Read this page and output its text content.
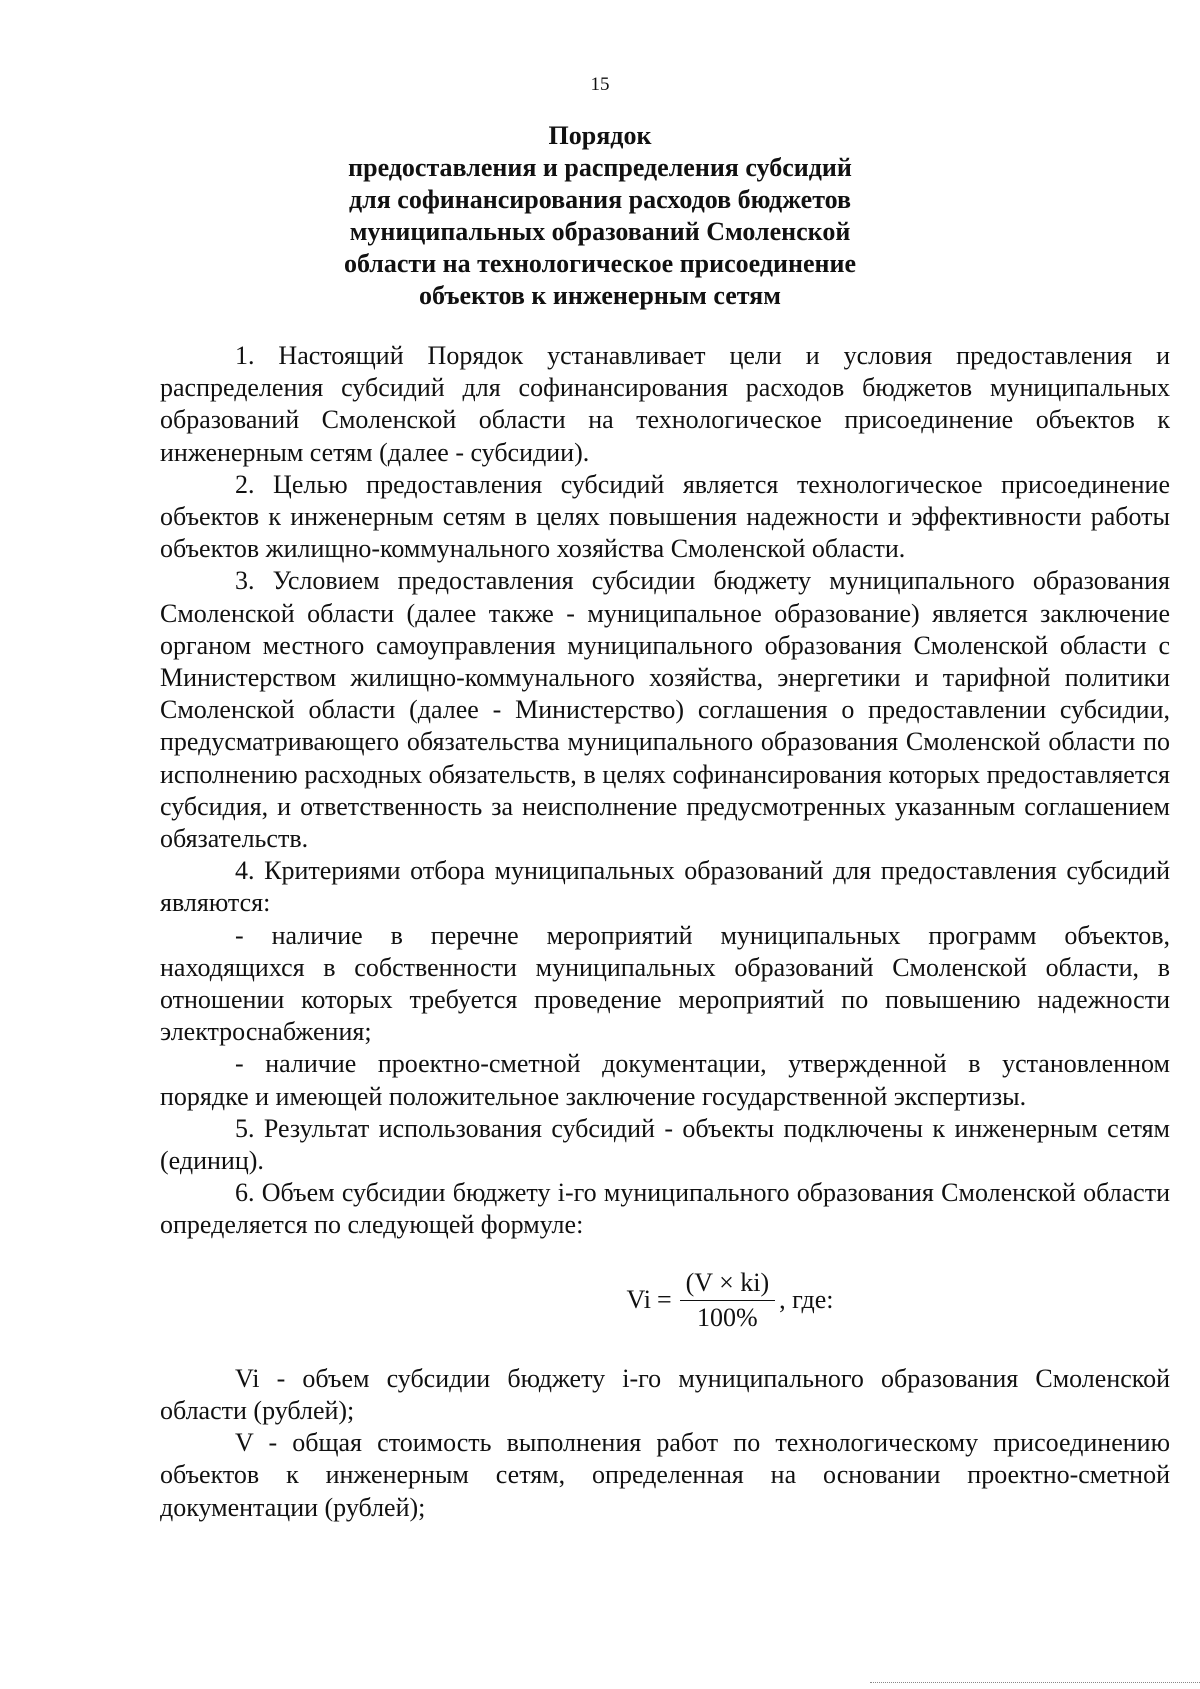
15
Порядок
предоставления и распределения субсидий
для софинансирования расходов бюджетов
муниципальных образований Смоленской
области на технологическое присоединение
объектов к инженерным сетям

1. Настоящий Порядок устанавливает цели и условия предоставления и распределения субсидий для софинансирования расходов бюджетов муниципальных образований Смоленской области на технологическое присоединение объектов к инженерным сетям (далее - субсидии).

2. Целью предоставления субсидий является технологическое присоединение объектов к инженерным сетям в целях повышения надежности и эффективности работы объектов жилищно-коммунального хозяйства Смоленской области.

3. Условием предоставления субсидии бюджету муниципального образования Смоленской области (далее также - муниципальное образование) является заключение органом местного самоуправления муниципального образования Смоленской области с Министерством жилищно-коммунального хозяйства, энергетики и тарифной политики Смоленской области (далее - Министерство) соглашения о предоставлении субсидии, предусматривающего обязательства муниципального образования Смоленской области по исполнению расходных обязательств, в целях софинансирования которых предоставляется субсидия, и ответственность за неисполнение предусмотренных указанным соглашением обязательств.

4. Критериями отбора муниципальных образований для предоставления субсидий являются:

- наличие в перечне мероприятий муниципальных программ объектов, находящихся в собственности муниципальных образований Смоленской области, в отношении которых требуется проведение мероприятий по повышению надежности электроснабжения;

- наличие проектно-сметной документации, утвержденной в установленном порядке и имеющей положительное заключение государственной экспертизы.

5. Результат использования субсидий - объекты подключены к инженерным сетям (единиц).

6. Объем субсидии бюджету i-го муниципального образования Смоленской области определяется по следующей формуле:

$Vi = \frac{(V \times ki)}{100\%}$ , где:

Vi - объем субсидии бюджету i-го муниципального образования Смоленской области (рублей);

V - общая стоимость выполнения работ по технологическому присоединению объектов к инженерным сетям, определенная на основании проектно-сметной документации (рублей);
